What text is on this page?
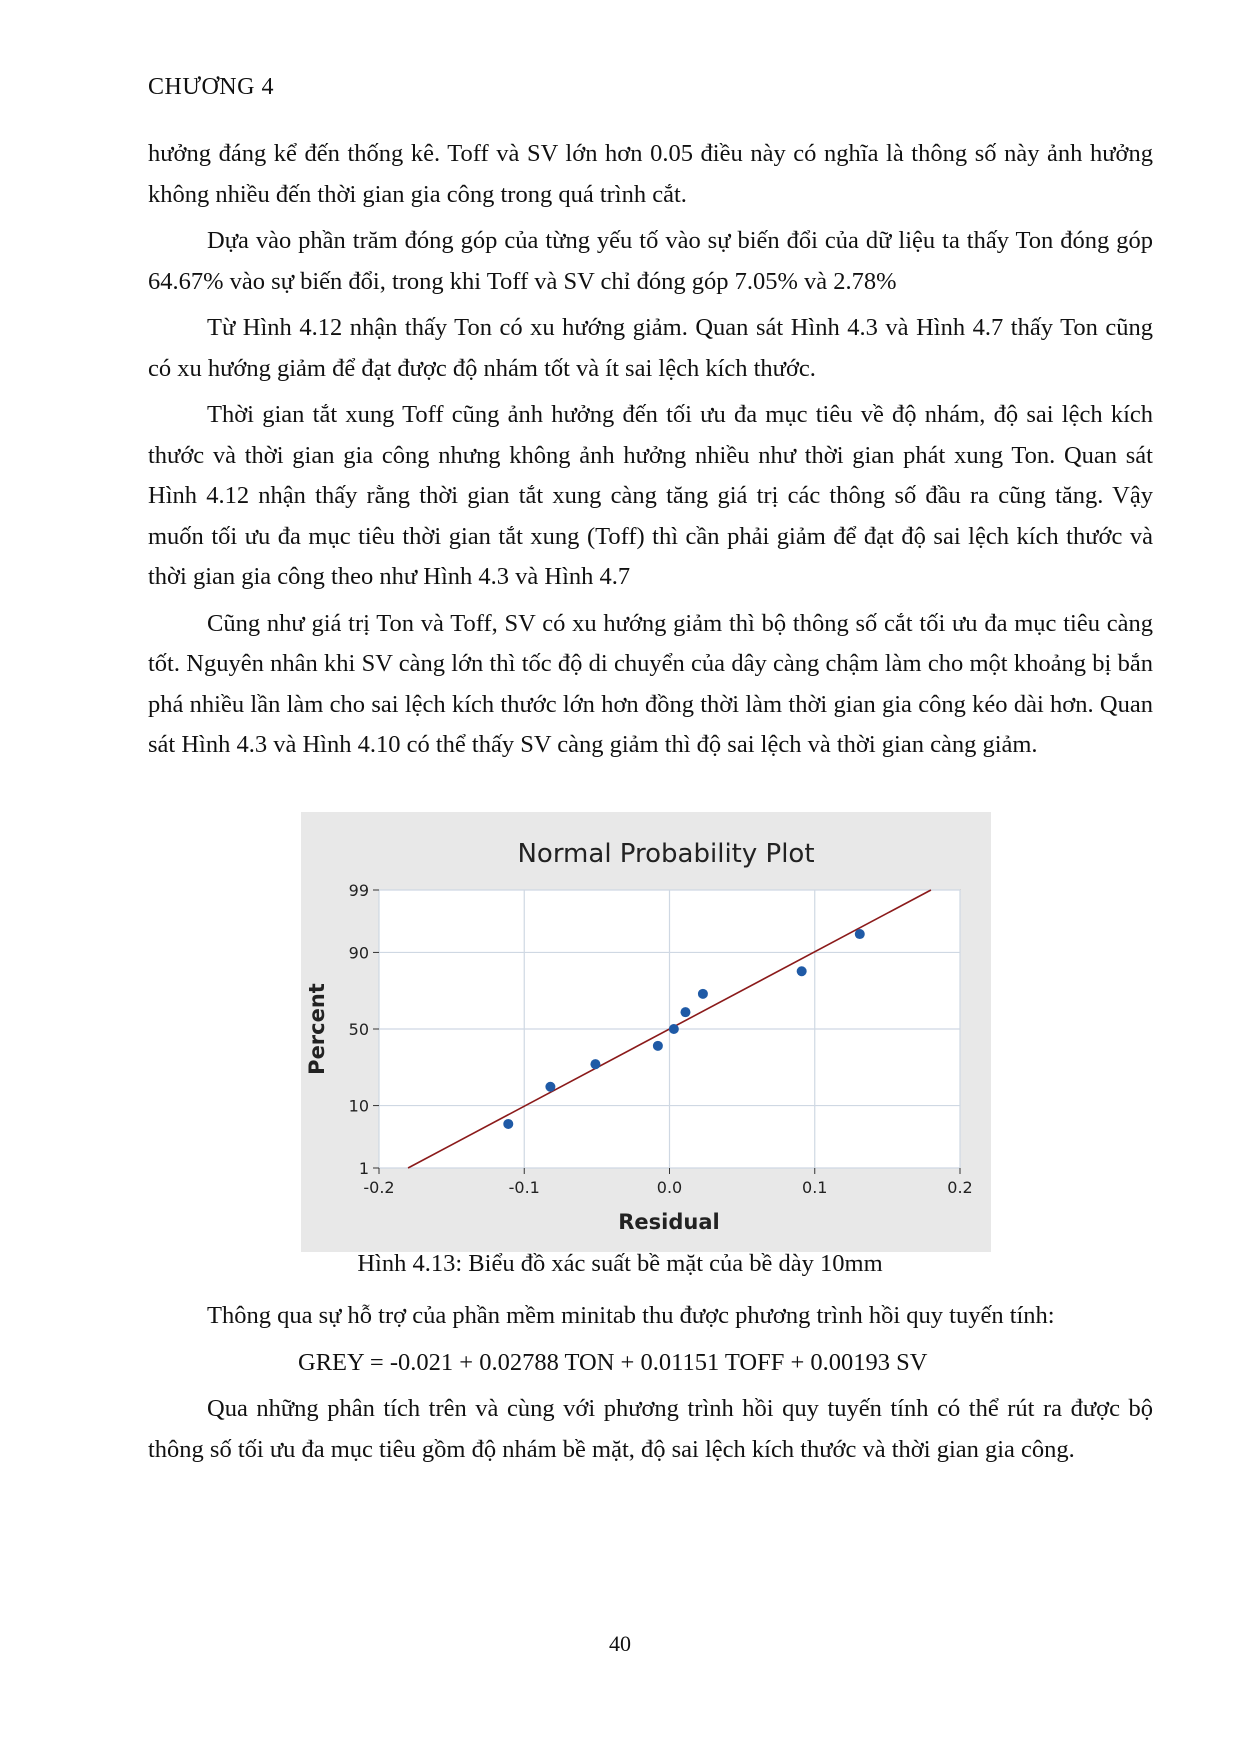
CHƯƠNG 4

hưởng đáng kể đến thống kê. Toff và SV lớn hơn 0.05 điều này có nghĩa là thông số này ảnh hưởng không nhiều đến thời gian gia công trong quá trình cắt.

Dựa vào phần trăm đóng góp của từng yếu tố vào sự biến đổi của dữ liệu ta thấy Ton đóng góp 64.67% vào sự biến đổi, trong khi Toff và SV chỉ đóng góp 7.05% và 2.78%

Từ Hình 4.12 nhận thấy Ton có xu hướng giảm. Quan sát Hình 4.3 và Hình 4.7 thấy Ton cũng có xu hướng giảm để đạt được độ nhám tốt và ít sai lệch kích thước.

Thời gian tắt xung Toff cũng ảnh hưởng đến tối ưu đa mục tiêu về độ nhám, độ sai lệch kích thước và thời gian gia công nhưng không ảnh hưởng nhiều như thời gian phát xung Ton. Quan sát Hình 4.12 nhận thấy rằng thời gian tắt xung càng tăng giá trị các thông số đầu ra cũng tăng. Vậy muốn tối ưu đa mục tiêu thời gian tắt xung (Toff) thì cần phải giảm để đạt độ sai lệch kích thước và thời gian gia công theo như Hình 4.3 và Hình 4.7

Cũng như giá trị Ton và Toff, SV có xu hướng giảm thì bộ thông số cắt tối ưu đa mục tiêu càng tốt. Nguyên nhân khi SV càng lớn thì tốc độ di chuyển của dây càng chậm làm cho một khoảng bị bắn phá nhiều lần làm cho sai lệch kích thước lớn hơn đồng thời làm thời gian gia công kéo dài hơn. Quan sát Hình 4.3 và Hình 4.10 có thể thấy SV càng giảm thì độ sai lệch và thời gian càng giảm.

Normal Probability Plot
-0.2	-0.1	0.0	0.1	0.2
1
10
50
90
99
Residual
Percent
Hình 4.13: Biểu đồ xác suất bề mặt của bề dày 10mm

Thông qua sự hỗ trợ của phần mềm minitab thu được phương trình hồi quy tuyến tính:

GREY = -0.021 + 0.02788 TON + 0.01151 TOFF + 0.00193 SV

Qua những phân tích trên và cùng với phương trình hồi quy tuyến tính có thể rút ra được bộ thông số tối ưu đa mục tiêu gồm độ nhám bề mặt, độ sai lệch kích thước và thời gian gia công.

40
